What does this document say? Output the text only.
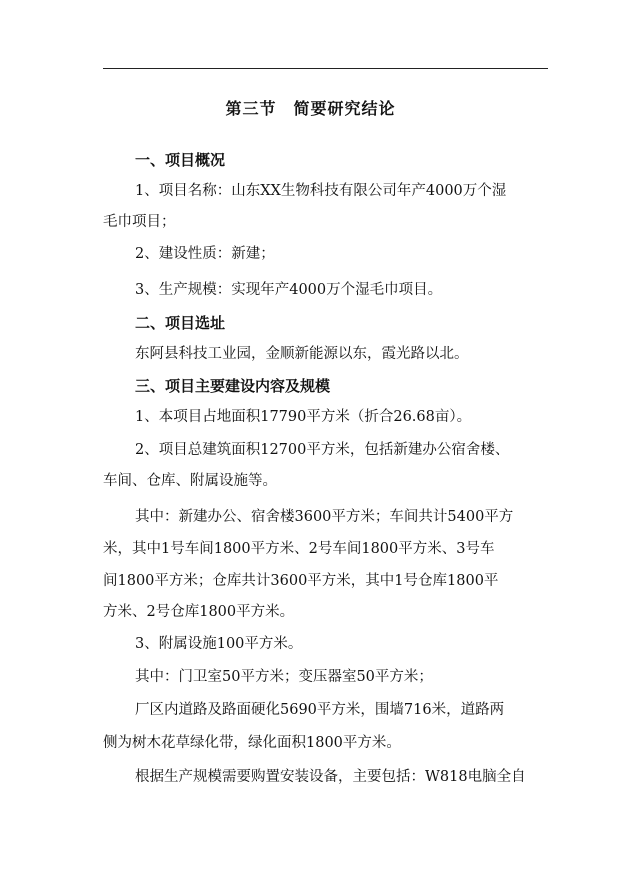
第三节　简要研究结论
一、项目概况
1、项目名称：山东XX生物科技有限公司年产4000万个湿
毛巾项目；
2、建设性质：新建；
3、生产规模：实现年产4000万个湿毛巾项目。
二、项目选址
东阿县科技工业园，金顺新能源以东，霞光路以北。
三、项目主要建设内容及规模
1、本项目占地面积17790平方米（折合26.68亩）。
2、项目总建筑面积12700平方米，包括新建办公宿舍楼、
车间、仓库、附属设施等。
其中：新建办公、宿舍楼3600平方米；车间共计5400平方
米，其中1号车间1800平方米、2号车间1800平方米、3号车
间1800平方米；仓库共计3600平方米，其中1号仓库1800平
方米、2号仓库1800平方米。
3、附属设施100平方米。
其中：门卫室50平方米；变压器室50平方米；
厂区内道路及路面硬化5690平方米，围墙716米，道路两
侧为树木花草绿化带，绿化面积1800平方米。
根据生产规模需要购置安装设备，主要包括：W818电脑全自
